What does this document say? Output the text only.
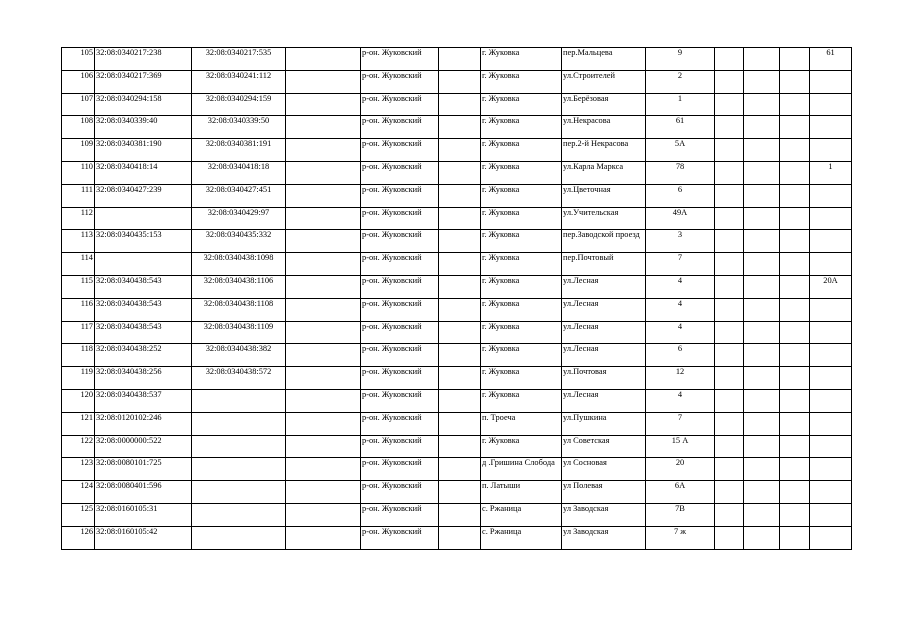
105	32:08:0340217:238	32:08:0340217:535		р-он. Жуковский		г. Жуковка	пер.Мальцева	9				61
106	32:08:0340217:369	32:08:0340241:112		р-он. Жуковский		г. Жуковка	ул.Строителей	2				
107	32:08:0340294:158	32:08:0340294:159		р-он. Жуковский		г. Жуковка	ул.Берёзовая	1				
108	32:08:0340339:40	32:08:0340339:50		р-он. Жуковский		г. Жуковка	ул.Некрасова	61				
109	32:08:0340381:190	32:08:0340381:191		р-он. Жуковский		г. Жуковка	пер.2-й Некрасова	5А				
110	32:08:0340418:14	32:08:0340418:18		р-он. Жуковский		г. Жуковка	ул.Карла Маркса	78				1
111	32:08:0340427:239	32:08:0340427:451		р-он. Жуковский		г. Жуковка	ул.Цветочная	6				
112		32:08:0340429:97		р-он. Жуковский		г. Жуковка	ул.Учительская	49А				
113	32:08:0340435:153	32:08:0340435:332		р-он. Жуковский		г. Жуковка	пер.Заводской проезд	3				
114		32:08:0340438:1098		р-он. Жуковский		г. Жуковка	пер.Почтовый	7				
115	32:08:0340438:543	32:08:0340438:1106		р-он. Жуковский		г. Жуковка	ул.Лесная	4				20А
116	32:08:0340438:543	32:08:0340438:1108		р-он. Жуковский		г. Жуковка	ул.Лесная	4				
117	32:08:0340438:543	32:08:0340438:1109		р-он. Жуковский		г. Жуковка	ул.Лесная	4				
118	32:08:0340438:252	32:08:0340438:382		р-он. Жуковский		г. Жуковка	ул.Лесная	6				
119	32:08:0340438:256	32:08:0340438:572		р-он. Жуковский		г. Жуковка	ул.Почтовая	12				
120	32:08:0340438:537			р-он. Жуковский		г. Жуковка	ул.Лесная	4				
121	32:08:0120102:246			р-он. Жуковский		п. Троеча	ул.Пушкина	7				
122	32:08:0000000:522			р-он. Жуковский		г. Жуковка	ул Советская	15 А				
123	32:08:0080101:725			р-он. Жуковский		д .Гришина Слобода	ул Сосновая	20				
124	32:08:0080401:596			р-он. Жуковский		п. Латыши	ул Полевая	6А				
125	32:08:0160105:31			р-он. Жуковский		с. Ржаница	ул Заводская	7В				
126	32:08:0160105:42			р-он. Жуковский		с. Ржаница	ул Заводская	7 ж				
